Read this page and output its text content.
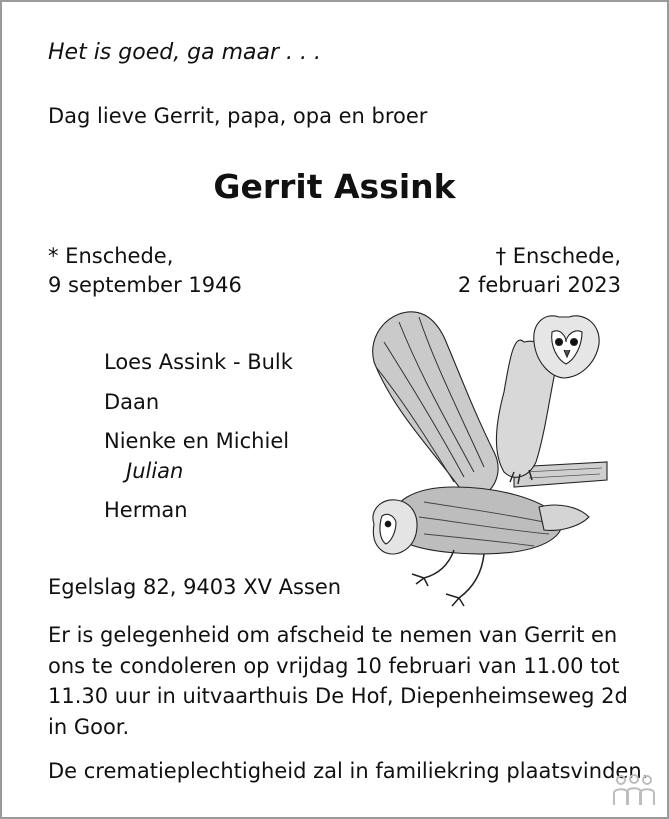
Het is goed, ga maar . . .
Dag lieve Gerrit, papa, opa en broer
Gerrit Assink
* Enschede,
9 september 1946
† Enschede,
2 februari 2023
Loes Assink - Bulk
Daan
Nienke en Michiel
Julian
Herman
Egelslag 82, 9403 XV Assen
Er is gelegenheid om afscheid te nemen van Gerrit en ons te condoleren op vrijdag 10 februari van 11.00 tot 11.30 uur in uitvaarthuis De Hof, Diepenheimseweg 2d in Goor.
De crematieplechtigheid zal in familiekring plaatsvinden.
